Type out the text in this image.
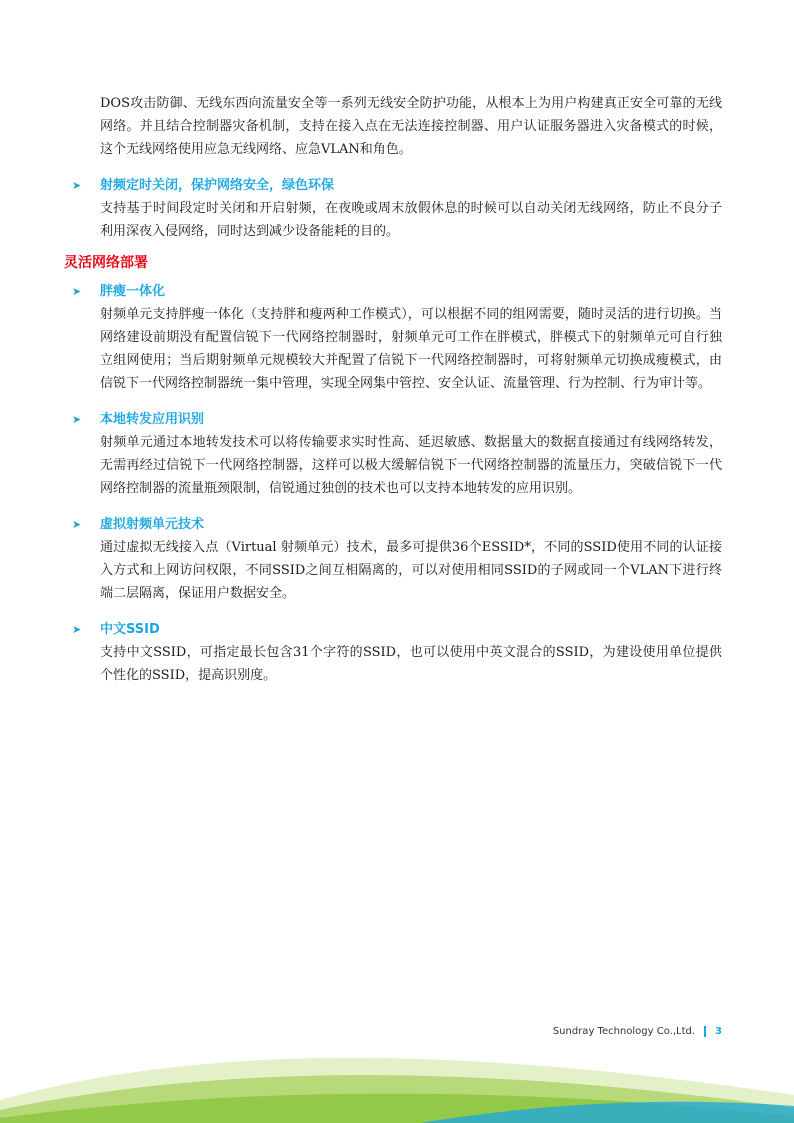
DOS攻击防御、无线东西向流量安全等一系列无线安全防护功能，从根本上为用户构建真正安全可靠的无线网络。并且结合控制器灾备机制，支持在接入点在无法连接控制器、用户认证服务器进入灾备模式的时候，这个无线网络使用应急无线网络、应急VLAN和角色。

➤	射频定时关闭，保护网络安全，绿色环保

支持基于时间段定时关闭和开启射频，在夜晚或周末放假休息的时候可以自动关闭无线网络，防止不良分子利用深夜入侵网络，同时达到减少设备能耗的目的。

灵活网络部署
➤	胖瘦一体化

射频单元支持胖瘦一体化（支持胖和瘦两种工作模式），可以根据不同的组网需要，随时灵活的进行切换。当网络建设前期没有配置信锐下一代网络控制器时，射频单元可工作在胖模式，胖模式下的射频单元可自行独立组网使用；当后期射频单元规模较大并配置了信锐下一代网络控制器时，可将射频单元切换成瘦模式，由信锐下一代网络控制器统一集中管理，实现全网集中管控、安全认证、流量管理、行为控制、行为审计等。

➤	本地转发应用识别

射频单元通过本地转发技术可以将传输要求实时性高、延迟敏感、数据量大的数据直接通过有线网络转发，无需再经过信锐下一代网络控制器，这样可以极大缓解信锐下一代网络控制器的流量压力，突破信锐下一代网络控制器的流量瓶颈限制，信锐通过独创的技术也可以支持本地转发的应用识别。

➤	虚拟射频单元技术

通过虚拟无线接入点（Virtual 射频单元）技术，最多可提供36个ESSID*，不同的SSID使用不同的认证接入方式和上网访问权限，不同SSID之间互相隔离的，可以对使用相同SSID的子网或同一个VLAN下进行终端二层隔离，保证用户数据安全。

➤	中文SSID

支持中文SSID，可指定最长包含31个字符的SSID，也可以使用中英文混合的SSID，为建设使用单位提供个性化的SSID，提高识别度。

Sundray Technology Co.,Ltd. 3
